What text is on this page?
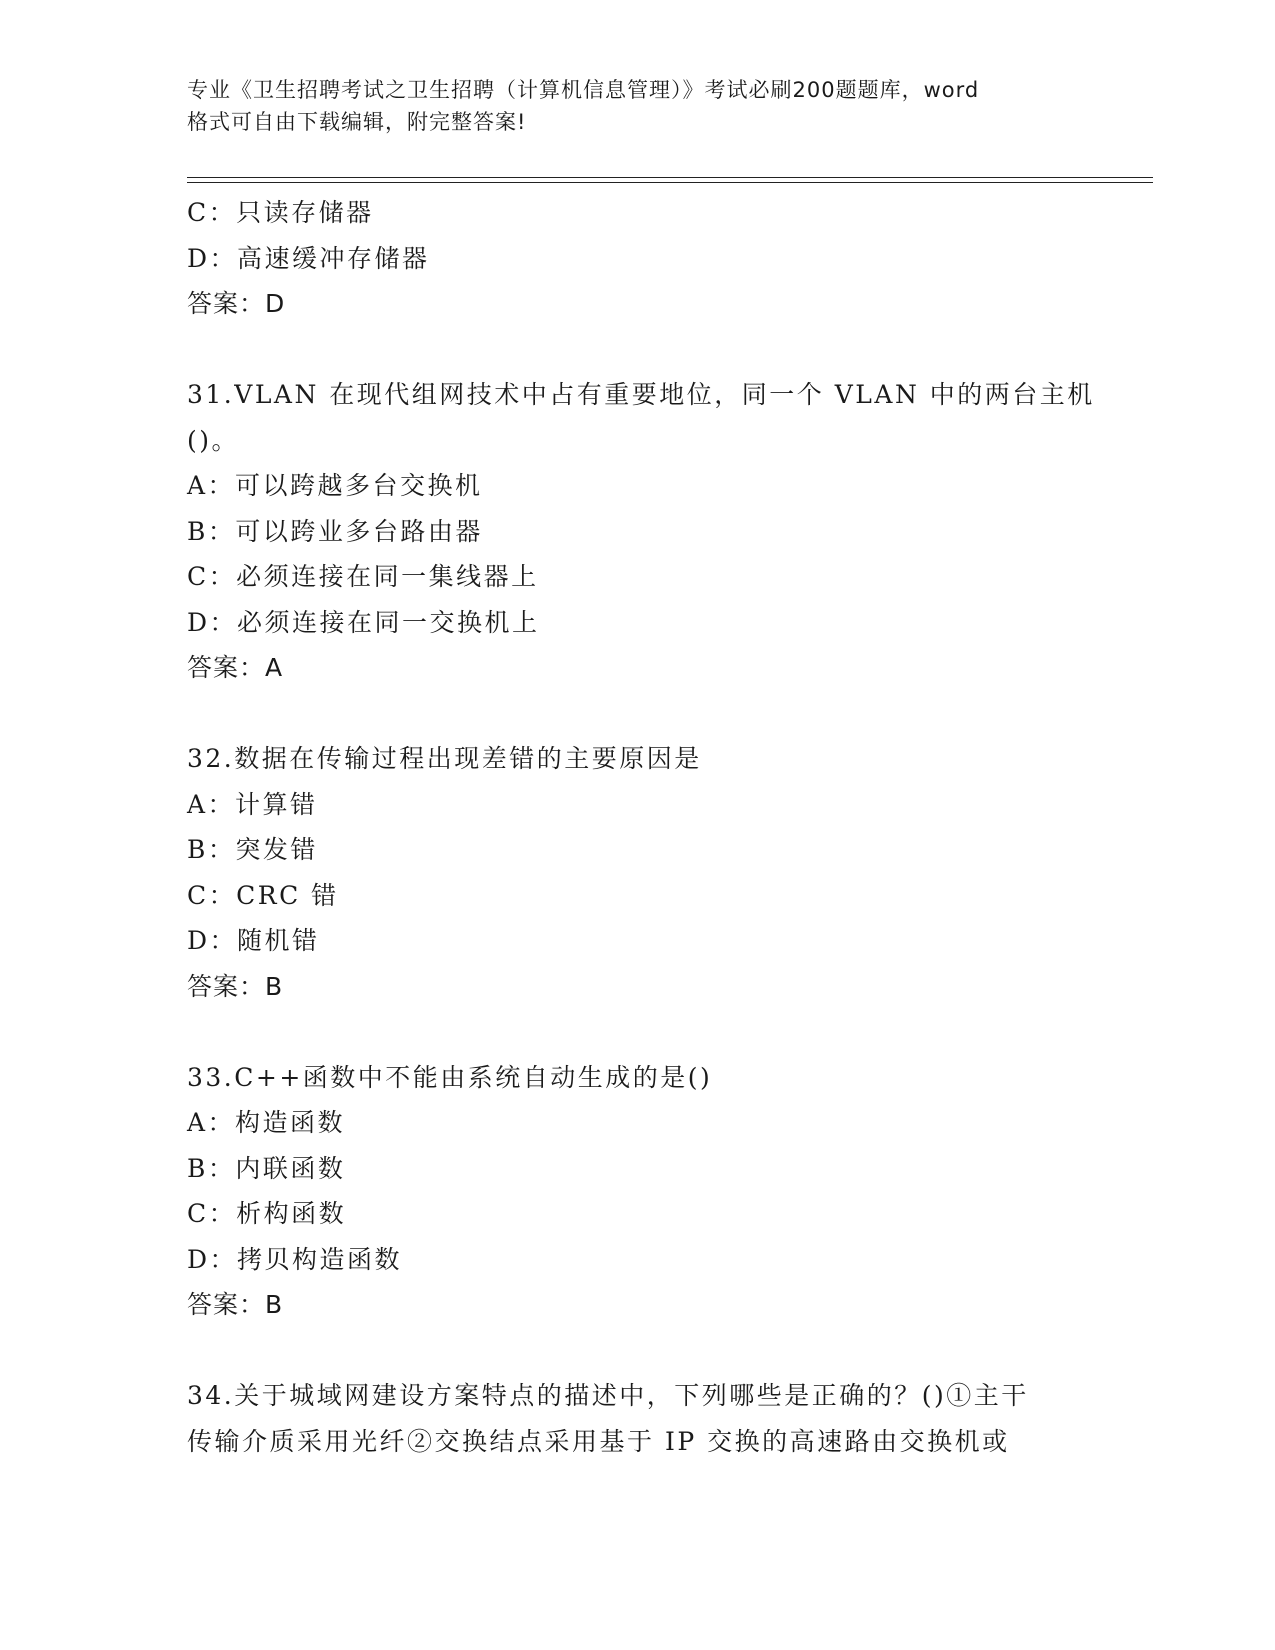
专业《卫生招聘考试之卫生招聘（计算机信息管理）》考试必刷200题题库，word
格式可自由下载编辑，附完整答案!
C：只读存储器
D：高速缓冲存储器
答案：D
31.VLAN 在现代组网技术中占有重要地位，同一个 VLAN 中的两台主机
()。
A：可以跨越多台交换机
B：可以跨业多台路由器
C：必须连接在同一集线器上
D：必须连接在同一交换机上
答案：A
32.数据在传输过程出现差错的主要原因是
A：计算错
B：突发错
C：CRC 错
D：随机错
答案：B
33.C++函数中不能由系统自动生成的是()
A：构造函数
B：内联函数
C：析构函数
D：拷贝构造函数
答案：B
34.关于城域网建设方案特点的描述中，下列哪些是正确的？()①主干
传输介质采用光纤②交换结点采用基于 IP 交换的高速路由交换机或
